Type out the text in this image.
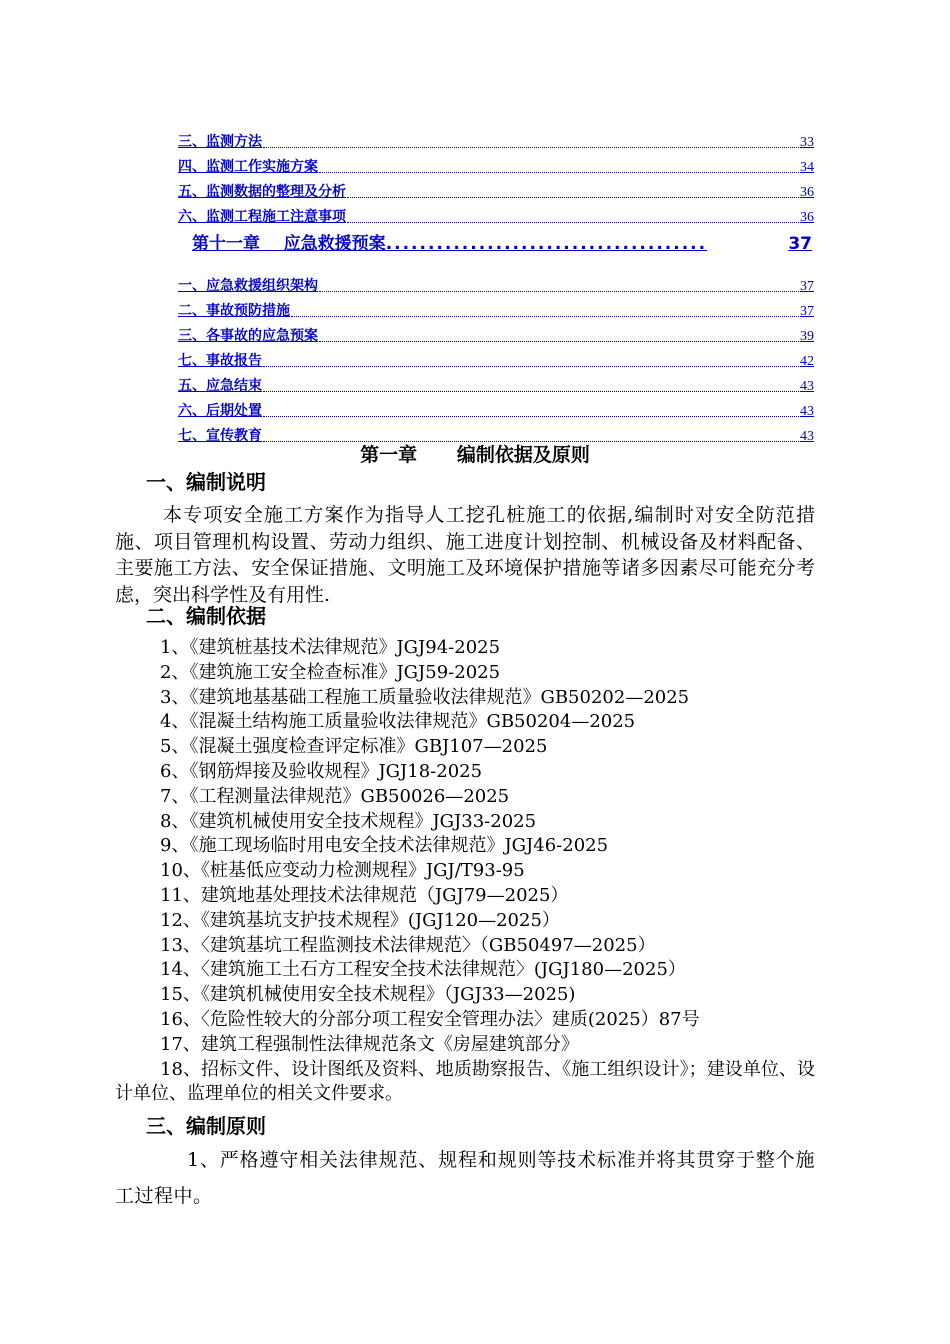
三、监测方法	33
四、监测工作实施方案	34
五、监测数据的整理及分析	36
六、监测工程施工注意事项	36
第十一章    应急救援预案 ......................................	37
一、应急救援组织架构	37
二、事故预防措施	37
三、各事故的应急预案	39
七、事故报告	42
五、应急结束	43
六、后期处置	43
七、宣传教育	43
第一章      编制依据及原则
一、编制说明
本专项安全施工方案作为指导人工挖孔桩施工的依据,编制时对安全防范措施、项目管理机构设置、劳动力组织、施工进度计划控制、机械设备及材料配备、主要施工方法、安全保证措施、文明施工及环境保护措施等诸多因素尽可能充分考虑，突出科学性及有用性.
二、编制依据
1、《建筑桩基技术法律规范》JGJ94-2025
2、《建筑施工安全检查标准》JGJ59-2025
3、《建筑地基基础工程施工质量验收法律规范》GB50202—2025
4、《混凝土结构施工质量验收法律规范》GB50204—2025
5、《混凝土强度检查评定标准》GBJ107—2025
6、《钢筋焊接及验收规程》JGJ18-2025
7、《工程测量法律规范》GB50026—2025
8、《建筑机械使用安全技术规程》JGJ33-2025
9、《施工现场临时用电安全技术法律规范》JGJ46-2025
10、《桩基低应变动力检测规程》JGJ/T93-95
11、建筑地基处理技术法律规范（JGJ79—2025）
12、《建筑基坑支护技术规程》(JGJ120—2025）
13、〈建筑基坑工程监测技术法律规范〉（GB50497—2025）
14、〈建筑施工土石方工程安全技术法律规范〉(JGJ180—2025）
15、《建筑机械使用安全技术规程》（JGJ33—2025)
16、〈危险性较大的分部分项工程安全管理办法〉建质(2025）87号
17、建筑工程强制性法律规范条文《房屋建筑部分》
18、招标文件、设计图纸及资料、地质勘察报告、《施工组织设计》；建设单位、设计单位、监理单位的相关文件要求。
三、编制原则
1、严格遵守相关法律规范、规程和规则等技术标准并将其贯穿于整个施工过程中。
